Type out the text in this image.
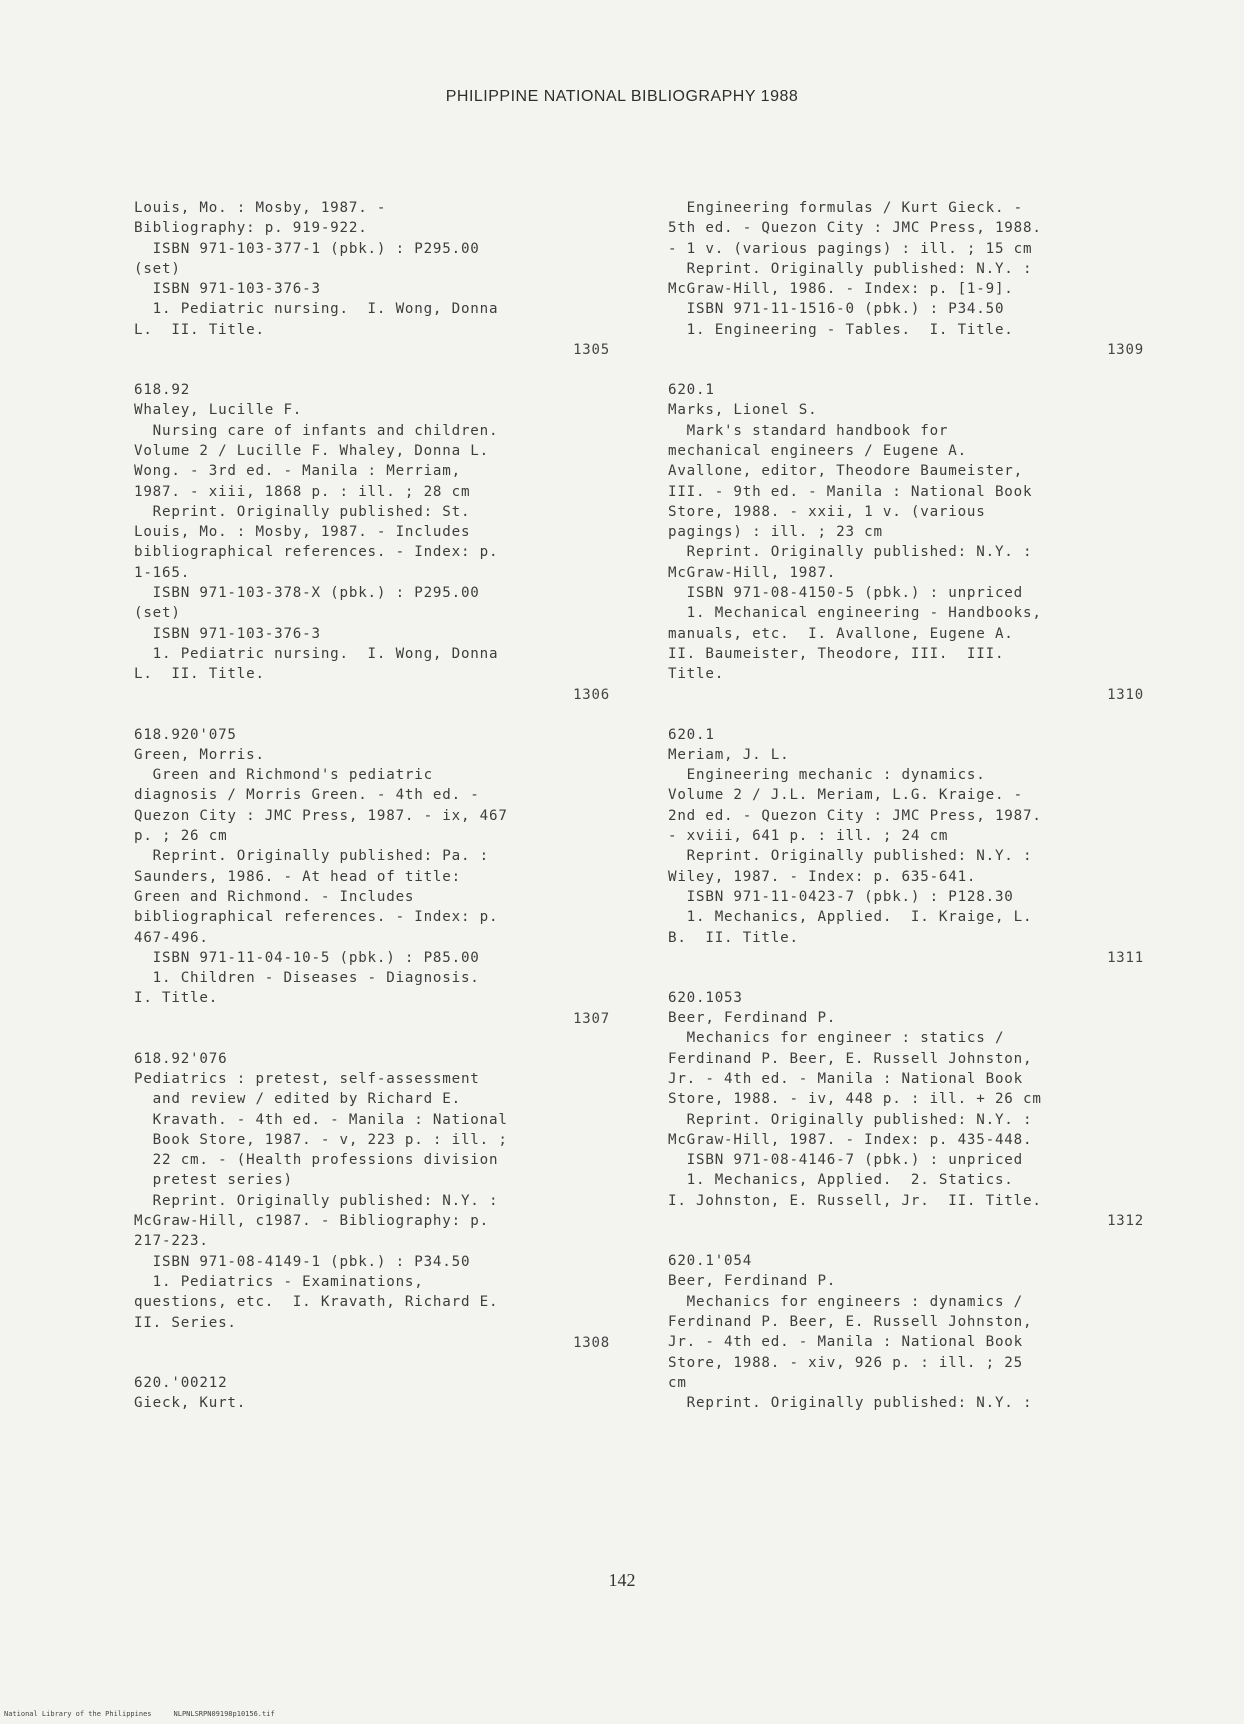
PHILIPPINE NATIONAL BIBLIOGRAPHY 1988
Louis, Mo. : Mosby, 1987. -
Bibliography: p. 919-922.
ISBN 971-103-377-1 (pbk.) : P295.00
(set)
ISBN 971-103-376-3
1. Pediatric nursing.  I. Wong, Donna
L.  II. Title.
1305
618.92
Whaley, Lucille F.
Nursing care of infants and children.
Volume 2 / Lucille F. Whaley, Donna L.
Wong. - 3rd ed. - Manila : Merriam,
1987. - xiii, 1868 p. : ill. ; 28 cm
Reprint. Originally published: St.
Louis, Mo. : Mosby, 1987. - Includes
bibliographical references. - Index: p.
1-165.
ISBN 971-103-378-X (pbk.) : P295.00
(set)
ISBN 971-103-376-3
1. Pediatric nursing.  I. Wong, Donna
L.  II. Title.
1306
618.920'075
Green, Morris.
Green and Richmond's pediatric
diagnosis / Morris Green. - 4th ed. -
Quezon City : JMC Press, 1987. - ix, 467
p. ; 26 cm
Reprint. Originally published: Pa. :
Saunders, 1986. - At head of title:
Green and Richmond. - Includes
bibliographical references. - Index: p.
467-496.
ISBN 971-11-04-10-5 (pbk.) : P85.00
1. Children - Diseases - Diagnosis.
I. Title.
1307
618.92'076
Pediatrics : pretest, self-assessment
and review / edited by Richard E.
Kravath. - 4th ed. - Manila : National
Book Store, 1987. - v, 223 p. : ill. ;
22 cm. - (Health professions division
pretest series)
Reprint. Originally published: N.Y. :
McGraw-Hill, c1987. - Bibliography: p.
217-223.
ISBN 971-08-4149-1 (pbk.) : P34.50
1. Pediatrics - Examinations,
questions, etc.  I. Kravath, Richard E.
II. Series.
1308
620.'00212
Gieck, Kurt.
Engineering formulas / Kurt Gieck. -
5th ed. - Quezon City : JMC Press, 1988.
- 1 v. (various pagings) : ill. ; 15 cm
Reprint. Originally published: N.Y. :
McGraw-Hill, 1986. - Index: p. [1-9].
ISBN 971-11-1516-0 (pbk.) : P34.50
1. Engineering - Tables.  I. Title.
1309
620.1
Marks, Lionel S.
Mark's standard handbook for
mechanical engineers / Eugene A.
Avallone, editor, Theodore Baumeister,
III. - 9th ed. - Manila : National Book
Store, 1988. - xxii, 1 v. (various
pagings) : ill. ; 23 cm
Reprint. Originally published: N.Y. :
McGraw-Hill, 1987.
ISBN 971-08-4150-5 (pbk.) : unpriced
1. Mechanical engineering - Handbooks,
manuals, etc.  I. Avallone, Eugene A.
II. Baumeister, Theodore, III.  III.
Title.
1310
620.1
Meriam, J. L.
Engineering mechanic : dynamics.
Volume 2 / J.L. Meriam, L.G. Kraige. -
2nd ed. - Quezon City : JMC Press, 1987.
- xviii, 641 p. : ill. ; 24 cm
Reprint. Originally published: N.Y. :
Wiley, 1987. - Index: p. 635-641.
ISBN 971-11-0423-7 (pbk.) : P128.30
1. Mechanics, Applied.  I. Kraige, L.
B.  II. Title.
1311
620.1053
Beer, Ferdinand P.
Mechanics for engineer : statics /
Ferdinand P. Beer, E. Russell Johnston,
Jr. - 4th ed. - Manila : National Book
Store, 1988. - iv, 448 p. : ill. + 26 cm
Reprint. Originally published: N.Y. :
McGraw-Hill, 1987. - Index: p. 435-448.
ISBN 971-08-4146-7 (pbk.) : unpriced
1. Mechanics, Applied.  2. Statics.
I. Johnston, E. Russell, Jr.  II. Title.
1312
620.1'054
Beer, Ferdinand P.
Mechanics for engineers : dynamics /
Ferdinand P. Beer, E. Russell Johnston,
Jr. - 4th ed. - Manila : National Book
Store, 1988. - xiv, 926 p. : ill. ; 25
cm
Reprint. Originally published: N.Y. :
142
National Library of the Philippines	NLPNLSRPN09198p10156.tif
